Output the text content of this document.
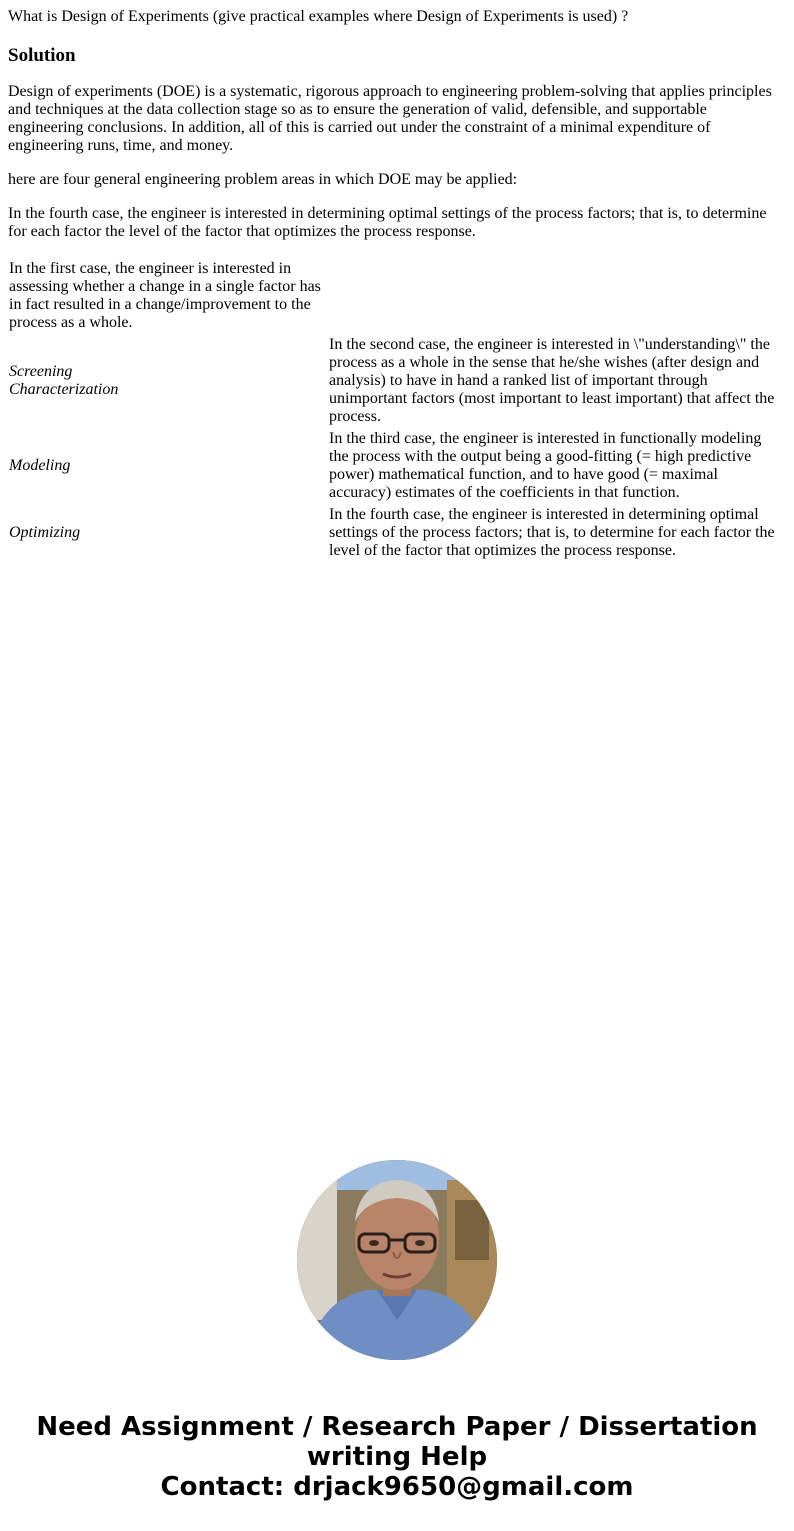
What is Design of Experiments (give practical examples where Design of Experiments is used) ?
Solution

Design of experiments (DOE) is a systematic, rigorous approach to engineering problem-solving that applies principles and techniques at the data collection stage so as to ensure the generation of valid, defensible, and supportable engineering conclusions. In addition, all of this is carried out under the constraint of a minimal expenditure of engineering runs, time, and money.

here are four general engineering problem areas in which DOE may be applied:

In the fourth case, the engineer is interested in determining optimal settings of the process factors; that is, to determine for each factor the level of the factor that optimizes the process response.

In the first case, the engineer is interested in assessing whether a change in a single factor has in fact resulted in a change/improvement to the process as a whole.	
Screening
Characterization	In the second case, the engineer is interested in \"understanding\" the process as a whole in the sense that he/she wishes (after design and analysis) to have in hand a ranked list of important through unimportant factors (most important to least important) that affect the process.
Modeling	In the third case, the engineer is interested in functionally modeling the process with the output being a good-fitting (= high predictive power) mathematical function, and to have good (= maximal accuracy) estimates of the coefficients in that function.
Optimizing	In the fourth case, the engineer is interested in determining optimal settings of the process factors; that is, to determine for each factor the level of the factor that optimizes the process response.
Need Assignment / Research Paper / Dissertation
writing Help
Contact: drjack9650@gmail.com
